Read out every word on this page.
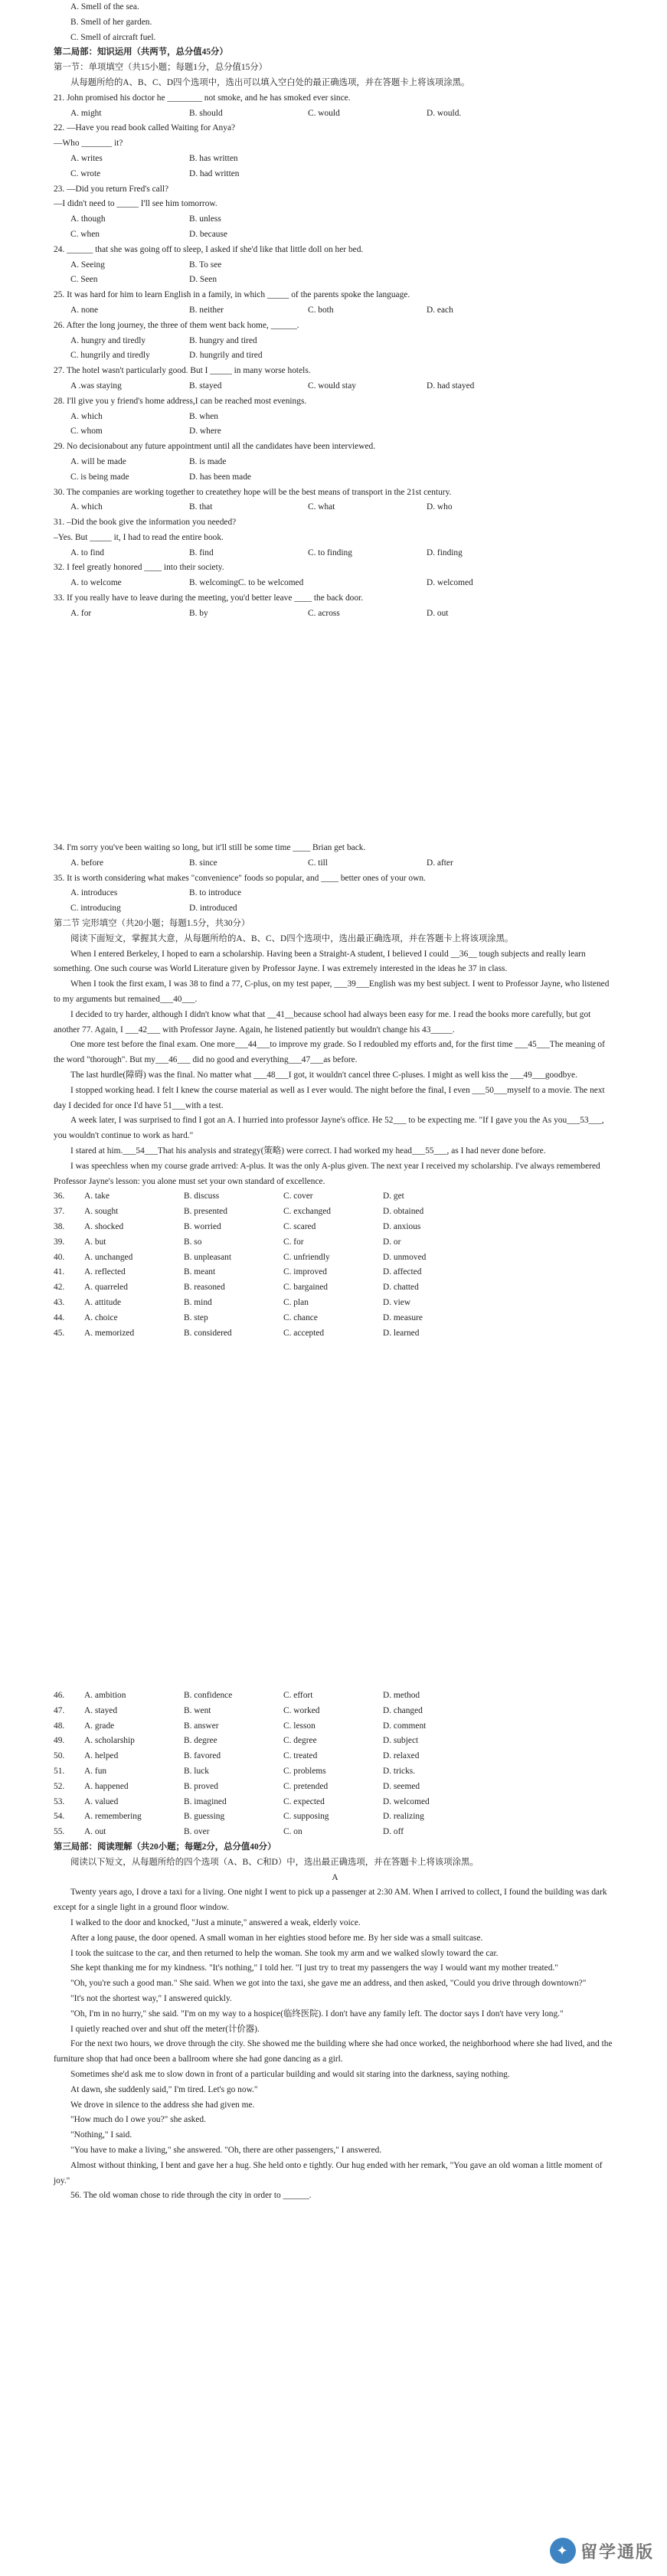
A. Smell of the sea.

B. Smell of her garden.

C. Smell of aircraft fuel.

第二局部：知识运用（共两节，总分值45分）

第一节：单项填空（共15小题；每题1分，总分值15分）

从每题所给的A、B、C、D四个选项中，选出可以填入空白处的最正确选项，并在答题卡上将该项涂黑。

21. John promised his doctor he ________ not smoke, and he has smoked ever since.

A. might	B. should	C. would	D. would.

22. —Have you read book called Waiting for Anya?

—Who _______ it?

A. writes	B. has written
C. wrote	D. had written

23. —Did you return Fred's call?

—I didn't need to _____ I'll see him tomorrow.

A. though	B. unless
C. when	D. because

24. ______ that she was going off to sleep, I asked if she'd like that little doll on her bed.

A. Seeing	B. To see
C. Seen	D. Seen

25. It was hard for him to learn English in a family, in which _____ of the parents spoke the language.

A. none	B. neither	C. both	D. each

26. After the long journey, the three of them went back home, ______.

A. hungry and tiredly	B. hungry and tired
C. hungrily and tiredly	D. hungrily and tired

27. The hotel wasn't particularly good. But I _____ in many worse hotels.

A .was staying	B. stayed	C. would stay	D. had stayed

28. I'll give you y friend's home address,I can be reached most evenings.

A. which	B. when
C. whom	D. where

29. No decisionabout any future appointment until all the candidates have been interviewed.

A. will be made	B. is made
C. is being made	D. has been made

30. The companies are working together to createthey hope will be the best means of transport in the 21st century.

A. which	B. that	C. what	D. who

31. –Did the book give the information you needed?

–Yes. But _____ it, I had to read the entire book.

A. to find	B. find	C. to finding	D. finding

32. I feel greatly honored ____ into their society.

A. to welcome	B. welcomingC. to be welcomed	D. welcomed

33. If you really have to leave during the meeting, you'd better leave ____ the back door.

A. for	B. by	C. across	D. out

34. I'm sorry you've been waiting so long, but it'll still be some time ____ Brian get back.

A. before	B. since	C. till	D. after

35. It is worth considering what makes "convenience" foods so popular, and ____ better ones of your own.

A. introduces	B. to introduce
C. introducing	D. introduced

第二节 完形填空（共20小题；每题1.5分，共30分）

阅读下面短文，掌握其大意，从每题所给的A、B、C、D四个选项中，选出最正确选项，并在答题卡上将该项涂黑。

When I entered Berkeley, I hoped to earn a scholarship. Having been a Straight-A student, I believed I could __36__ tough subjects and really learn something. One such course was World Literature given by Professor Jayne. I was extremely interested in the ideas he 37 in class.

When I took the first exam, I was 38 to find a 77, C-plus, on my test paper, ___39___English was my best subject. I went to Professor Jayne, who listened to my arguments but remained___40___.

I decided to try harder, although I didn't know what that __41__because school had always been easy for me. I read the books more carefully, but got another 77. Again, I ___42___ with Professor Jayne. Again, he listened patiently but wouldn't change his 43_____.

One more test before the final exam. One more___44___to improve my grade. So I redoubled my efforts and, for the first time ___45___The meaning of the word "thorough". But my___46___ did no good and everything___47___as before.

The last hurdle(障碍) was the final. No matter what ___48___I got, it wouldn't cancel three C-pluses. I might as well kiss the ___49___goodbye.

I stopped working head. I felt I knew the course material as well as I ever would. The night before the final, I even ___50___myself to a movie. The next day I decided for once I'd have 51___with a test.

A week later, I was surprised to find I got an A. I hurried into professor Jayne's office. He 52___ to be expecting me. "If I gave you the As you___53___, you wouldn't continue to work as hard."

I stared at him.___54___That his analysis and strategy(策略) were correct. I had worked my head___55___, as I had never done before.

I was speechless when my course grade arrived: A-plus. It was the only A-plus given. The next year I received my scholarship. I've always remembered Professor Jayne's lesson: you alone must set your own standard of excellence.

36.	A. take	B. discuss	C. cover	D. get
37.	A. sought	B. presented	C. exchanged	D. obtained
38.	A. shocked	B. worried	C. scared	D. anxious
39.	A. but	B. so	C. for	D. or
40.	A. unchanged	B. unpleasant	C. unfriendly	D. unmoved
41.	A. reflected	B. meant	C. improved	D. affected
42.	A. quarreled	B. reasoned	C. bargained	D. chatted
43.	A. attitude	B. mind	C. plan	D. view
44.	A. choice	B. step	C. chance	D. measure
45.	A. memorized	B. considered	C. accepted	D. learned
46.	A. ambition	B. confidence	C. effort	D. method
47.	A. stayed	B. went	C. worked	D. changed
48.	A. grade	B. answer	C. lesson	D. comment
49.	A. scholarship	B. degree	C. degree	D. subject
50.	A. helped	B. favored	C. treated	D. relaxed
51.	A. fun	B. luck	C. problems	D. tricks.
52.	A. happened	B. proved	C. pretended	D. seemed
53.	A. valued	B. imagined	C. expected	D. welcomed
54.	A. remembering	B. guessing	C. supposing	D. realizing
55.	A. out	B. over	C. on	D. off

第三局部：阅读理解（共20小题；每题2分，总分值40分）

阅读以下短文，从每题所给的四个选项（A、B、C和D）中，选出最正确选项，并在答题卡上将该项涂黑。

A

Twenty years ago, I drove a taxi for a living. One night I went to pick up a passenger at 2:30 AM. When I arrived to collect, I found the building was dark except for a single light in a ground floor window.

I walked to the door and knocked, "Just a minute," answered a weak, elderly voice.

After a long pause, the door opened. A small woman in her eighties stood before me. By her side was a small suitcase.

I took the suitcase to the car, and then returned to help the woman. She took my arm and we walked slowly toward the car.

She kept thanking me for my kindness. "It's nothing," I told her. "I just try to treat my passengers the way I would want my mother treated."

"Oh, you're such a good man." She said. When we got into the taxi, she gave me an address, and then asked, "Could you drive through downtown?"

"It's not the shortest way," I answered quickly.

"Oh, I'm in no hurry," she said. "I'm on my way to a hospice(临终医院). I don't have any family left. The doctor says I don't have very long."

I quietly reached over and shut off the meter(计价器).

For the next two hours, we drove through the city. She showed me the building where she had once worked, the neighborhood where she had lived, and the furniture shop that had once been a ballroom where she had gone dancing as a girl.

Sometimes she'd ask me to slow down in front of a particular building and would sit staring into the darkness, saying nothing.

At dawn, she suddenly said," I'm tired. Let's go now."

We drove in silence to the address she had given me.

"How much do I owe you?" she asked.

"Nothing," I said.

"You have to make a living," she answered. "Oh, there are other passengers," I answered.

Almost without thinking, I bent and gave her a hug. She held onto e tightly. Our hug ended with her remark, "You gave an old woman a little moment of joy."

56. The old woman chose to ride through the city in order to ______.

✦ 留学通版
